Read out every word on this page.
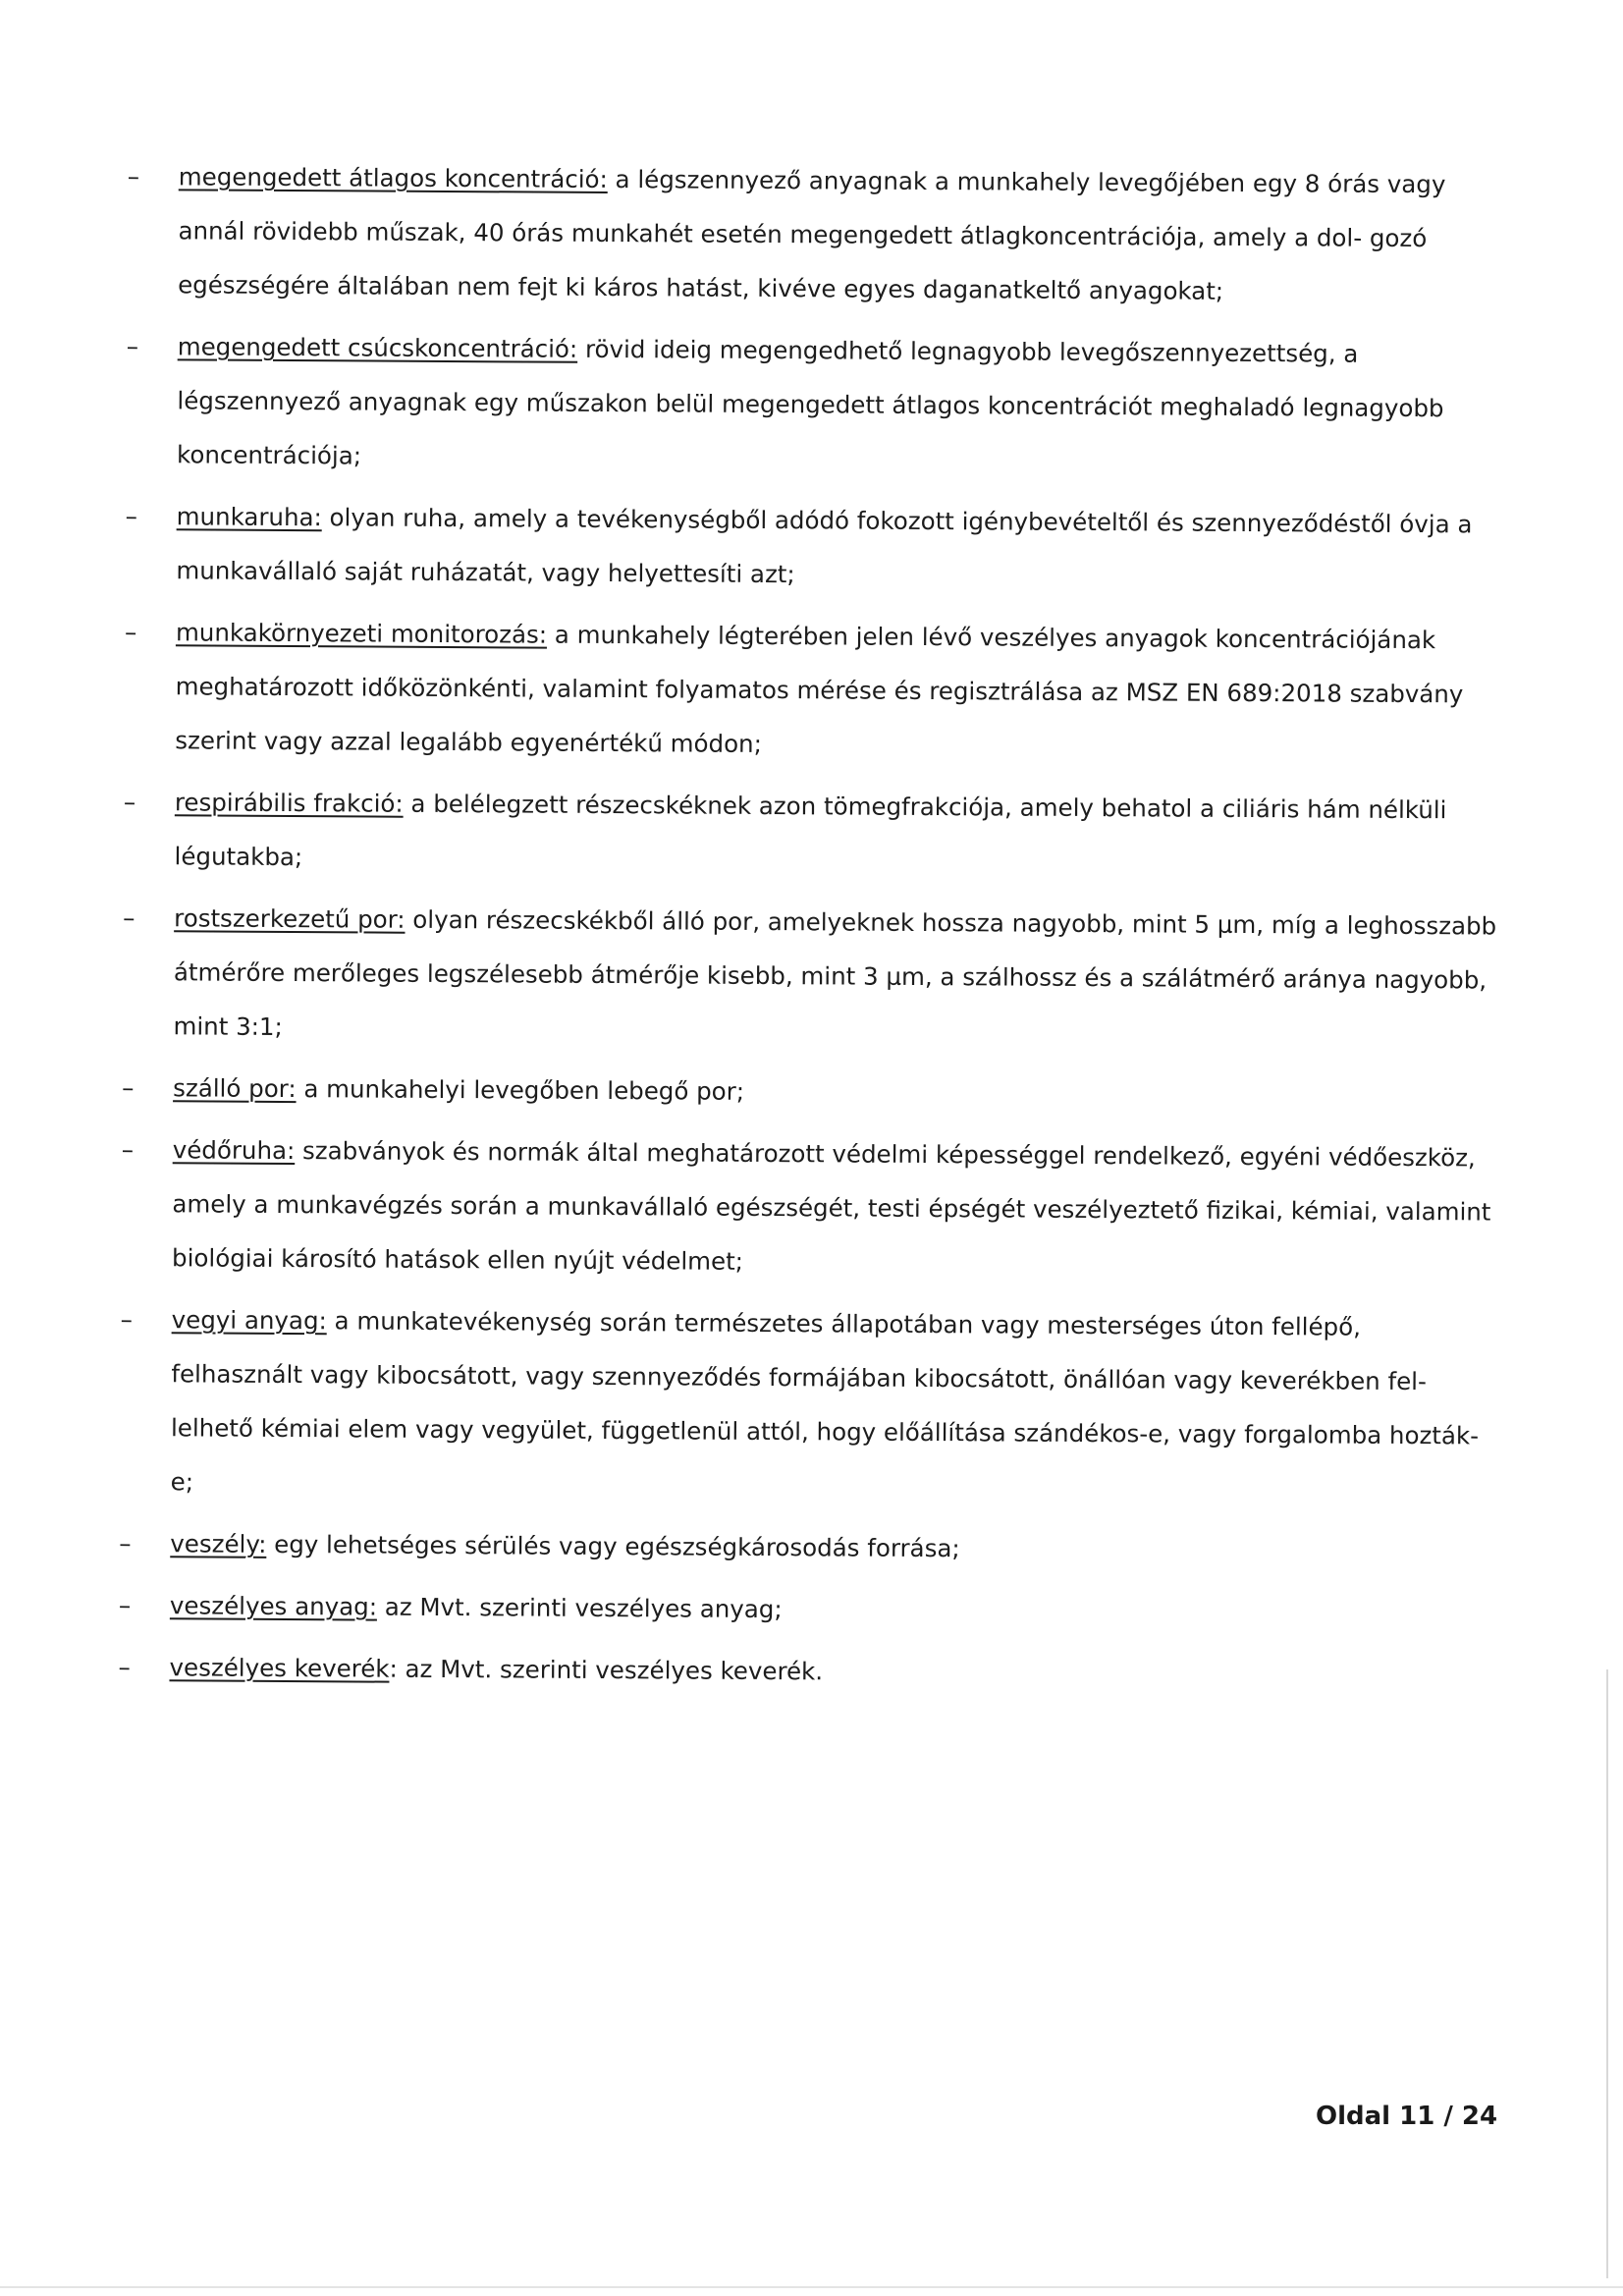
–	megengedett átlagos koncentráció: a légszennyező anyagnak a munkahely levegőjében egy 8 órás vagy annál rövidebb műszak, 40 órás munkahét esetén megengedett átlagkoncentrációja, amely a dol- gozó egészségére általában nem fejt ki káros hatást, kivéve egyes daganatkeltő anyagokat;
–	megengedett csúcskoncentráció: rövid ideig megengedhető legnagyobb levegőszennyezettség, a légszennyező anyagnak egy műszakon belül megengedett átlagos koncentrációt meghaladó legnagyobb koncentrációja;
–	munkaruha: olyan ruha, amely a tevékenységből adódó fokozott igénybevételtől és szennyeződéstől óvja a munkavállaló saját ruházatát, vagy helyettesíti azt;
–	munkakörnyezeti monitorozás: a munkahely légterében jelen lévő veszélyes anyagok koncentrációjának meghatározott időközönkénti, valamint folyamatos mérése és regisztrálása az MSZ EN 689:2018 szabvány szerint vagy azzal legalább egyenértékű módon;
–	respirábilis frakció: a belélegzett részecskéknek azon tömegfrakciója, amely behatol a ciliáris hám nélküli légutakba;
–	rostszerkezetű por: olyan részecskékből álló por, amelyeknek hossza nagyobb, mint 5 µm, míg a leghosszabb átmérőre merőleges legszélesebb átmérője kisebb, mint 3 µm, a szálhossz és a szálátmérő aránya nagyobb, mint 3:1;
–	szálló por: a munkahelyi levegőben lebegő por;
–	védőruha: szabványok és normák által meghatározott védelmi képességgel rendelkező, egyéni védőeszköz, amely a munkavégzés során a munkavállaló egészségét, testi épségét veszélyeztető fizikai, kémiai, valamint biológiai károsító hatások ellen nyújt védelmet;
–	vegyi anyag: a munkatevékenység során természetes állapotában vagy mesterséges úton fellépő, felhasznált vagy kibocsátott, vagy szennyeződés formájában kibocsátott, önállóan vagy keverékben fel- lelhető kémiai elem vagy vegyület, függetlenül attól, hogy előállítása szándékos-e, vagy forgalomba hozták-e;
–	veszély: egy lehetséges sérülés vagy egészségkárosodás forrása;
–	veszélyes anyag: az Mvt. szerinti veszélyes anyag;
–	veszélyes keverék: az Mvt. szerinti veszélyes keverék.
Oldal 11 / 24
